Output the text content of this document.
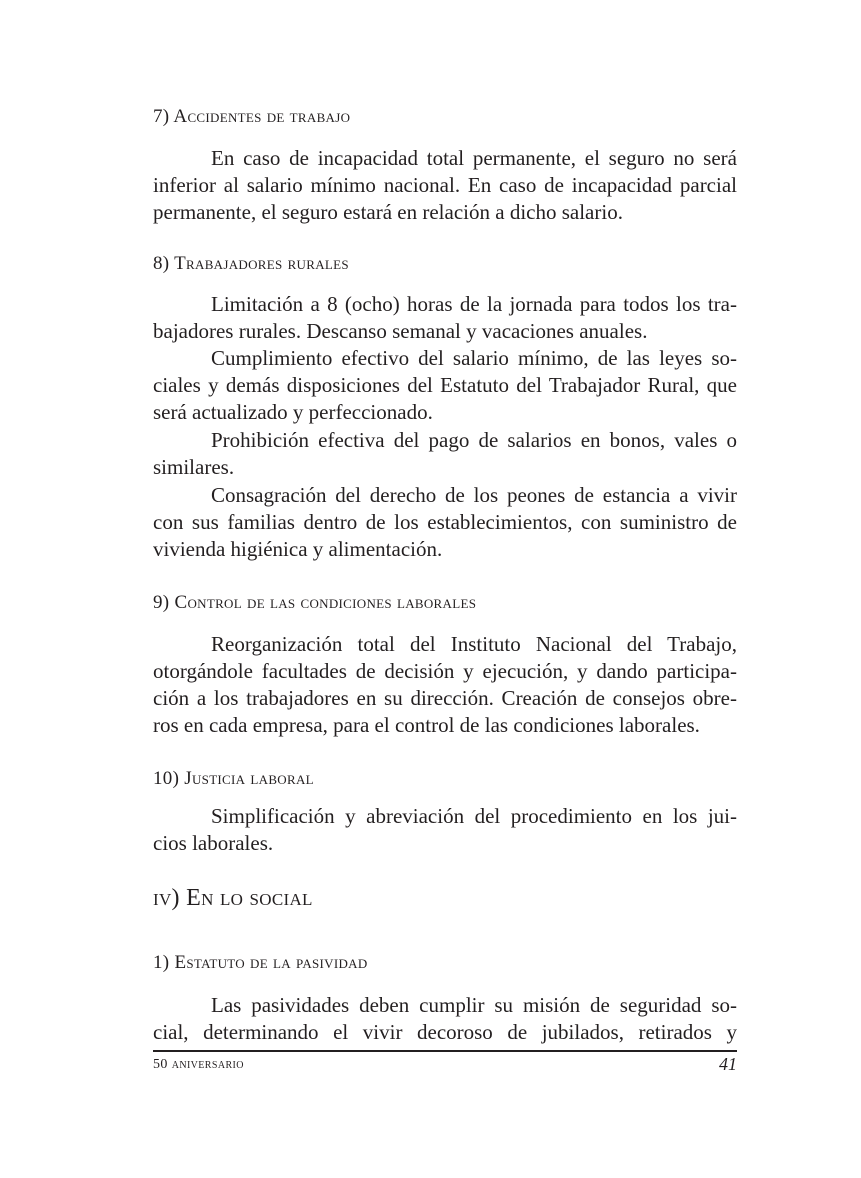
7) Accidentes de trabajo
En caso de incapacidad total permanente, el seguro no será
inferior al salario mínimo nacional. En caso de incapacidad parcial
permanente, el seguro estará en relación a dicho salario.
8) Trabajadores rurales
Limitación a 8 (ocho) horas de la jornada para todos los tra-
bajadores rurales. Descanso semanal y vacaciones anuales.
Cumplimiento efectivo del salario mínimo, de las leyes so-
ciales y demás disposiciones del Estatuto del Trabajador Rural, que
será actualizado y perfeccionado.
Prohibición efectiva del pago de salarios en bonos, vales o
similares.
Consagración del derecho de los peones de estancia a vivir
con sus familias dentro de los establecimientos, con suministro de
vivienda higiénica y alimentación.
9) Control de las condiciones laborales
Reorganización total del Instituto Nacional del Trabajo,
otorgándole facultades de decisión y ejecución, y dando participa-
ción a los trabajadores en su dirección. Creación de consejos obre-
ros en cada empresa, para el control de las condiciones laborales.
10) Justicia laboral
Simplificación y abreviación del procedimiento en los jui-
cios laborales.
iv) En lo social
1) Estatuto de la pasividad
Las pasividades deben cumplir su misión de seguridad so-
cial, determinando el vivir decoroso de jubilados, retirados y
50 aniversario	41
